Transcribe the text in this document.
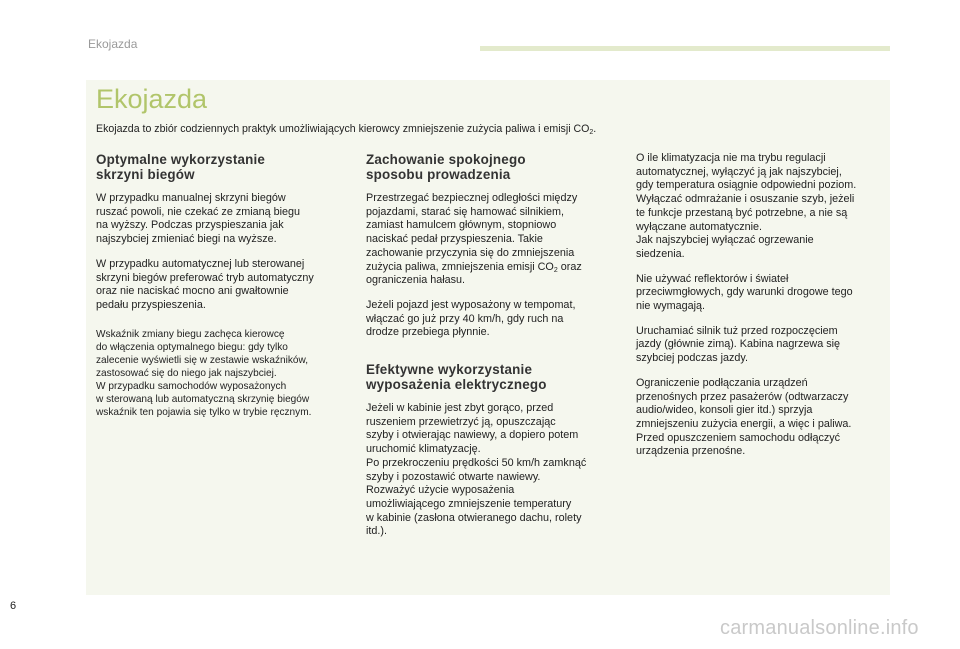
Ekojazda
Ekojazda
Ekojazda to zbiór codziennych praktyk umożliwiających kierowcy zmniejszenie zużycia paliwa i emisji $CO_2$.
Optymalne wykorzystanie
skrzyni biegów
W przypadku manualnej skrzyni biegów
ruszać powoli, nie czekać ze zmianą biegu
na wyższy. Podczas przyspieszania jak
najszybciej zmieniać biegi na wyższe.
W przypadku automatycznej lub sterowanej
skrzyni biegów preferować tryb automatyczny
oraz nie naciskać mocno ani gwałtownie
pedału przyspieszenia.
Wskaźnik zmiany biegu zachęca kierowcę
do włączenia optymalnego biegu: gdy tylko
zalecenie wyświetli się w zestawie wskaźników,
zastosować się do niego jak najszybciej.
W przypadku samochodów wyposażonych
w sterowaną lub automatyczną skrzynię biegów
wskaźnik ten pojawia się tylko w trybie ręcznym.
Zachowanie spokojnego
sposobu prowadzenia
Przestrzegać bezpiecznej odległości między
pojazdami, starać się hamować silnikiem,
zamiast hamulcem głównym, stopniowo
naciskać pedał przyspieszenia. Takie
zachowanie przyczynia się do zmniejszenia
zużycia paliwa, zmniejszenia emisji $CO_2$ oraz
ograniczenia hałasu.
Jeżeli pojazd jest wyposażony w tempomat,
włączać go już przy 40 km/h, gdy ruch na
drodze przebiega płynnie.
Efektywne wykorzystanie
wyposażenia elektrycznego
Jeżeli w kabinie jest zbyt gorąco, przed
ruszeniem przewietrzyć ją, opuszczając
szyby i otwierając nawiewy, a dopiero potem
uruchomić klimatyzację.
Po przekroczeniu prędkości 50 km/h zamknąć
szyby i pozostawić otwarte nawiewy.
Rozważyć użycie wyposażenia
umożliwiającego zmniejszenie temperatury
w kabinie (zasłona otwieranego dachu, rolety
itd.).
O ile klimatyzacja nie ma trybu regulacji
automatycznej, wyłączyć ją jak najszybciej,
gdy temperatura osiągnie odpowiedni poziom.
Wyłączać odmrażanie i osuszanie szyb, jeżeli
te funkcje przestaną być potrzebne, a nie są
wyłączane automatycznie.
Jak najszybciej wyłączać ogrzewanie
siedzenia.
Nie używać reflektorów i świateł
przeciwmgłowych, gdy warunki drogowe tego
nie wymagają.
Uruchamiać silnik tuż przed rozpoczęciem
jazdy (głównie zimą). Kabina nagrzewa się
szybciej podczas jazdy.
Ograniczenie podłączania urządzeń
przenośnych przez pasażerów (odtwarzaczy
audio/wideo, konsoli gier itd.) sprzyja
zmniejszeniu zużycia energii, a więc i paliwa.
Przed opuszczeniem samochodu odłączyć
urządzenia przenośne.
6
carmanualsonline.info
